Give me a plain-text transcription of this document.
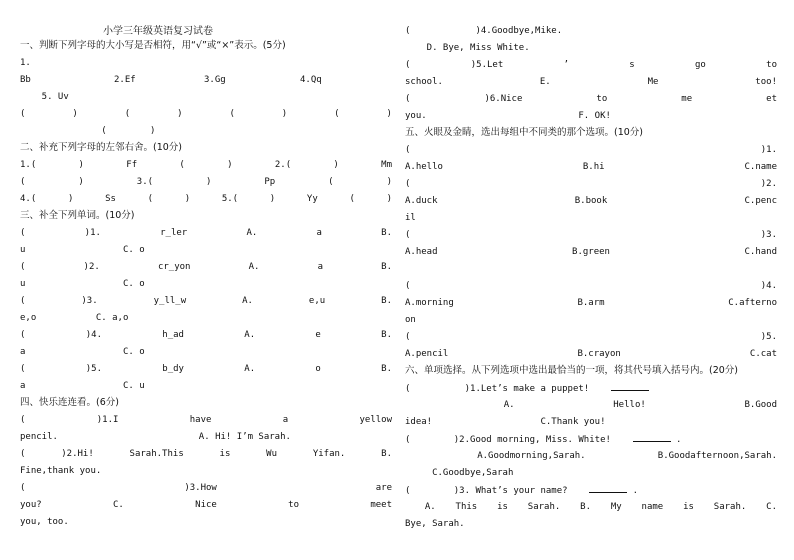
小学三年级英语复习试卷
一、判断下列字母的大小写是否相符，用“√”或“×”表示。(5分)
1.
Bb	2.Ef	3.Gg	4.Qq
5. Uv
(	)	(	)	(	)	(	)
(        )
二、补充下列字母的左邻右舍。(10分)
1.( ) Ff ( ) 2.( ) Mm
( ) 3.( ) Pp ( )
4.( ) Ss ( ) 5.( ) Yy ( )
三、补全下列单词。(10分)
( )1. r_ler A. a B.
u                  C. o
( )2. cr_yon A. a B.
u                  C. o
( )3. y_ll_w A. e,u B.
e,o           C. a,o
( )4. h_ad A. e B.
a                  C. o
( )5. b_dy A. o B.
a                  C. u
四、快乐连连看。(6分)
( )1.I have a yellow
pencil.                          A. Hi! I’m Sarah.
( )2.Hi! Sarah.This is Wu Yifan. B.
Fine,thank you.
( )3.How are
you? C. Nice to meet
you, too.
(            )4.Goodbye,Mike.
D. Bye, Miss White.
( )5.Let ’ s go to
school. E. Me too!
( )6.Nice to me et
you.                            F. OK!
五、火眼及金睛，选出每组中不同类的那个选项。(10分)
( )1.
A.hello B.hi C.name
( )2.
A.duck B.book C.penc
il
( )3.
A.head B.green C.hand
( )4.
A.morning B.arm C.afterno
on
( )5.
A.pencil B.crayon C.cat
六、单项选择。从下列选项中选出最恰当的一项，将其代号填入括号内。(20分)
(          )1.Let’s make a puppet!
A. Hello! B.Good
idea!                    C.Thank you!
(        )2.Good morning, Miss. White!	.
A.Goodmorning,Sarah. B.Goodafternoon,Sarah.
C.Goodbye,Sarah
(        )3. What’s your name?	.
A. This is Sarah. B. My name is Sarah. C.
Bye, Sarah.
